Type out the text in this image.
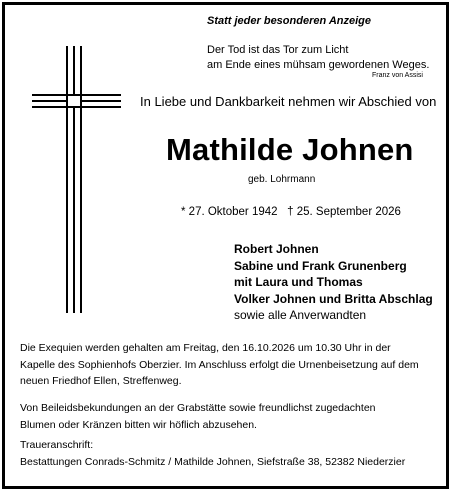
Statt jeder besonderen Anzeige
Der Tod ist das Tor zum Licht
am Ende eines mühsam gewordenen Weges.
Franz von Assisi
In Liebe und Dankbarkeit nehmen wir Abschied von
Mathilde Johnen
geb. Lohrmann
* 27. Oktober 1942   † 25. September 2026
Robert Johnen
Sabine und Frank Grunenberg
mit Laura und Thomas
Volker Johnen und Britta Abschlag
sowie alle Anverwandten
Die Exequien werden gehalten am Freitag, den 16.10.2026 um 10.30 Uhr in der
Kapelle des Sophienhofs Oberzier. Im Anschluss erfolgt die Urnenbeisetzung auf dem
neuen Friedhof Ellen, Streffenweg.
Von Beileidsbekundungen an der Grabstätte sowie freundlichst zugedachten
Blumen oder Kränzen bitten wir höflich abzusehen.
Traueranschrift:
Bestattungen Conrads-Schmitz / Mathilde Johnen, Siefstraße 38, 52382 Niederzier
